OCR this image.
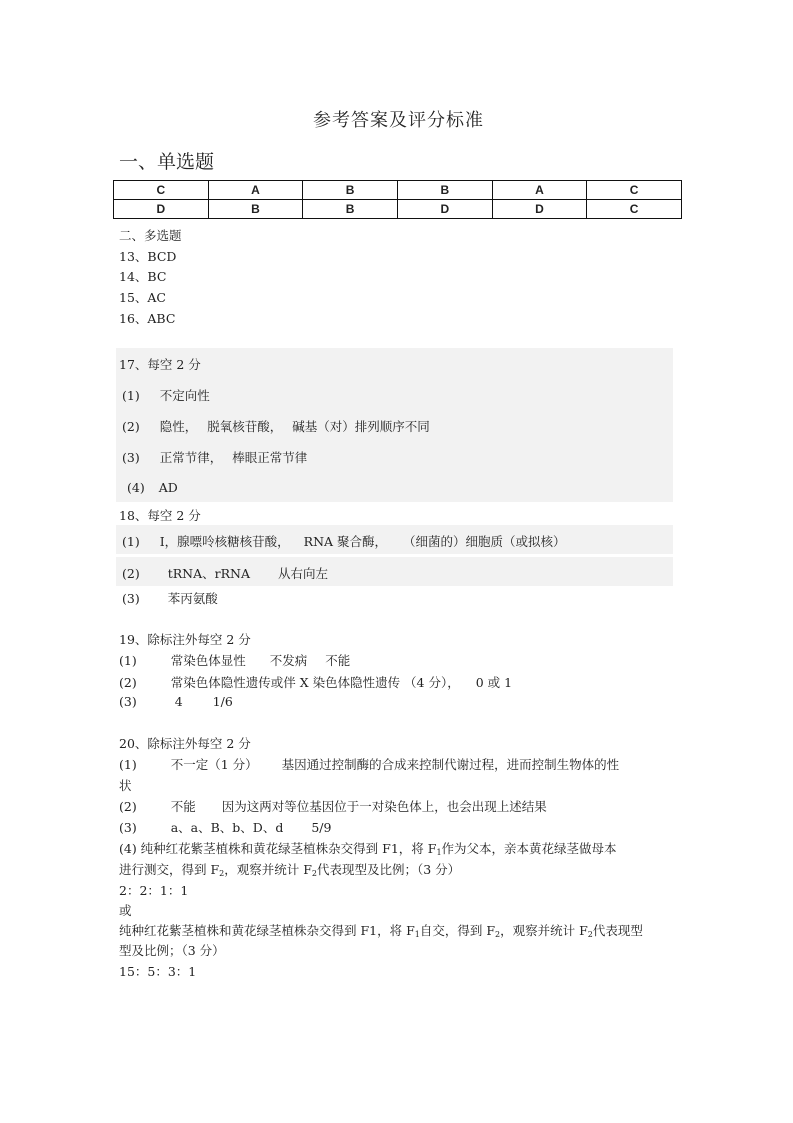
参考答案及评分标准
一、单选题
C	A	B	B	A	C
D	B	B	D	D	C
二、多选题
13、BCD
14、BC
15、AC
16、ABC
17、每空 2 分
(1) 不定向性
(2) 隐性， 脱氧核苷酸， 碱基（对）排列顺序不同
(3) 正常节律， 棒眼正常节律
(4) AD
18、每空 2 分
(1) Ⅰ，腺嘌呤核糖核苷酸， RNA 聚合酶， （细菌的）细胞质（或拟核）
(2) tRNA、rRNA 从右向左
(3) 苯丙氨酸
19、除标注外每空 2 分
(1)	常染色体显性 不发病 不能
(2)	常染色体隐性遗传或伴 X 染色体隐性遗传 （4 分）， 0 或 1
(3)	4 1/6
20、除标注外每空 2 分
(1)	不一定（1 分） 基因通过控制酶的合成来控制代谢过程，进而控制生物体的性
状
(2)	不能 因为这两对等位基因位于一对染色体上，也会出现上述结果
(3)	a、a、B、b、D、d 5/9
(4) 纯种红花紫茎植株和黄花绿茎植株杂交得到 F1，将 $F_1$作为父本，亲本黄花绿茎做母本
进行测交，得到 $F_2$，观察并统计 $F_2$代表现型及比例；（3 分）
2：2：1：1
或
纯种红花紫茎植株和黄花绿茎植株杂交得到 F1，将 $F_1$自交，得到 $F_2$，观察并统计 $F_2$代表现型
型及比例；（3 分）
15：5：3：1
